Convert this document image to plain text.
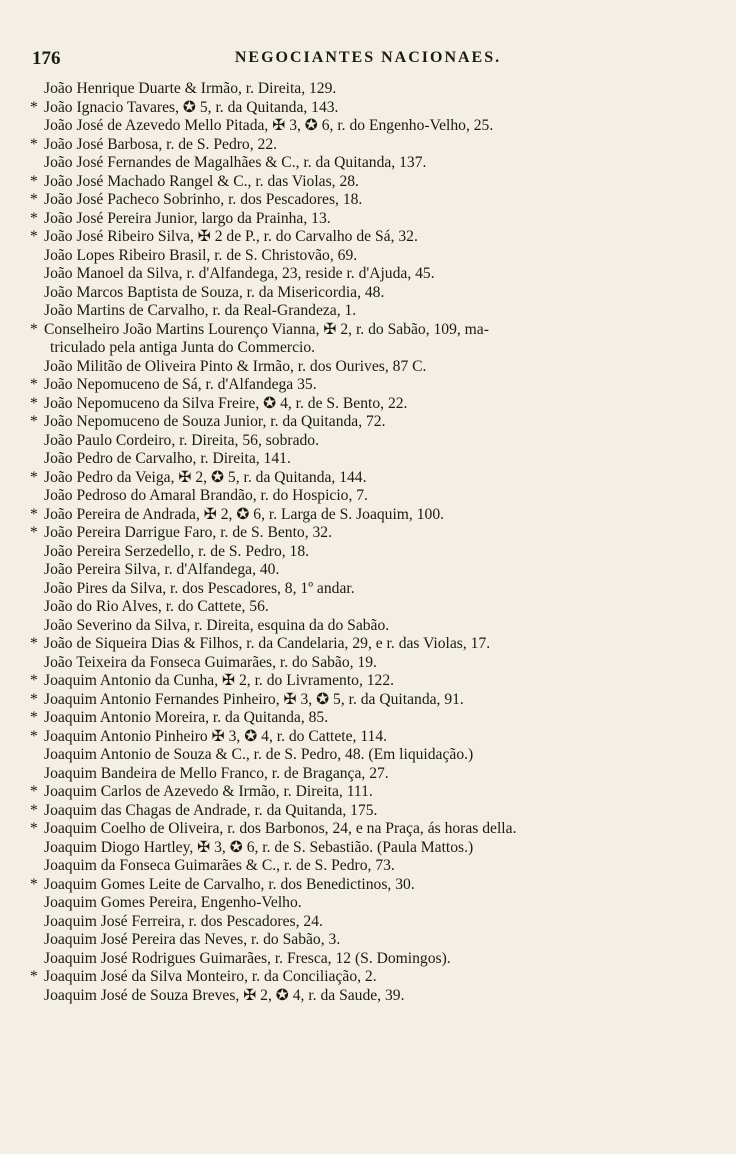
176	NEGOCIANTES NACIONAES.
João Henrique Duarte & Irmão, r. Direita, 129.
* João Ignacio Tavares, ✪ 5, r. da Quitanda, 143.
João José de Azevedo Mello Pitada, ✠ 3, ✪ 6, r. do Engenho-Velho, 25.
* João José Barbosa, r. de S. Pedro, 22.
João José Fernandes de Magalhães & C., r. da Quitanda, 137.
* João José Machado Rangel & C., r. das Violas, 28.
* João José Pacheco Sobrinho, r. dos Pescadores, 18.
* João José Pereira Junior, largo da Prainha, 13.
* João José Ribeiro Silva, ✠ 2 de P., r. do Carvalho de Sá, 32.
João Lopes Ribeiro Brasil, r. de S. Christovão, 69.
João Manoel da Silva, r. d'Alfandega, 23, reside r. d'Ajuda, 45.
João Marcos Baptista de Souza, r. da Misericordia, 48.
João Martins de Carvalho, r. da Real-Grandeza, 1.
* Conselheiro João Martins Lourenço Vianna, ✠ 2, r. do Sabão, 109, ma-
triculado pela antiga Junta do Commercio.
João Militão de Oliveira Pinto & Irmão, r. dos Ourives, 87 C.
* João Nepomuceno de Sá, r. d'Alfandega 35.
* João Nepomuceno da Silva Freire, ✪ 4, r. de S. Bento, 22.
* João Nepomuceno de Souza Junior, r. da Quitanda, 72.
João Paulo Cordeiro, r. Direita, 56, sobrado.
João Pedro de Carvalho, r. Direita, 141.
* João Pedro da Veiga, ✠ 2, ✪ 5, r. da Quitanda, 144.
João Pedroso do Amaral Brandão, r. do Hospicio, 7.
* João Pereira de Andrada, ✠ 2, ✪ 6, r. Larga de S. Joaquim, 100.
* João Pereira Darrigue Faro, r. de S. Bento, 32.
João Pereira Serzedello, r. de S. Pedro, 18.
João Pereira Silva, r. d'Alfandega, 40.
João Pires da Silva, r. dos Pescadores, 8, 1º andar.
João do Rio Alves, r. do Cattete, 56.
João Severino da Silva, r. Direita, esquina da do Sabão.
* João de Siqueira Dias & Filhos, r. da Candelaria, 29, e r. das Violas, 17.
João Teixeira da Fonseca Guimarães, r. do Sabão, 19.
* Joaquim Antonio da Cunha, ✠ 2, r. do Livramento, 122.
* Joaquim Antonio Fernandes Pinheiro, ✠ 3, ✪ 5, r. da Quitanda, 91.
* Joaquim Antonio Moreira, r. da Quitanda, 85.
* Joaquim Antonio Pinheiro ✠ 3, ✪ 4, r. do Cattete, 114.
Joaquim Antonio de Souza & C., r. de S. Pedro, 48. (Em liquidação.)
Joaquim Bandeira de Mello Franco, r. de Bragança, 27.
* Joaquim Carlos de Azevedo & Irmão, r. Direita, 111.
* Joaquim das Chagas de Andrade, r. da Quitanda, 175.
* Joaquim Coelho de Oliveira, r. dos Barbonos, 24, e na Praça, ás horas della.
Joaquim Diogo Hartley, ✠ 3, ✪ 6, r. de S. Sebastião. (Paula Mattos.)
Joaquim da Fonseca Guimarães & C., r. de S. Pedro, 73.
* Joaquim Gomes Leite de Carvalho, r. dos Benedictinos, 30.
Joaquim Gomes Pereira, Engenho-Velho.
Joaquim José Ferreira, r. dos Pescadores, 24.
Joaquim José Pereira das Neves, r. do Sabão, 3.
Joaquim José Rodrigues Guimarães, r. Fresca, 12 (S. Domingos).
* Joaquim José da Silva Monteiro, r. da Conciliação, 2.
Joaquim José de Souza Breves, ✠ 2, ✪ 4, r. da Saude, 39.
